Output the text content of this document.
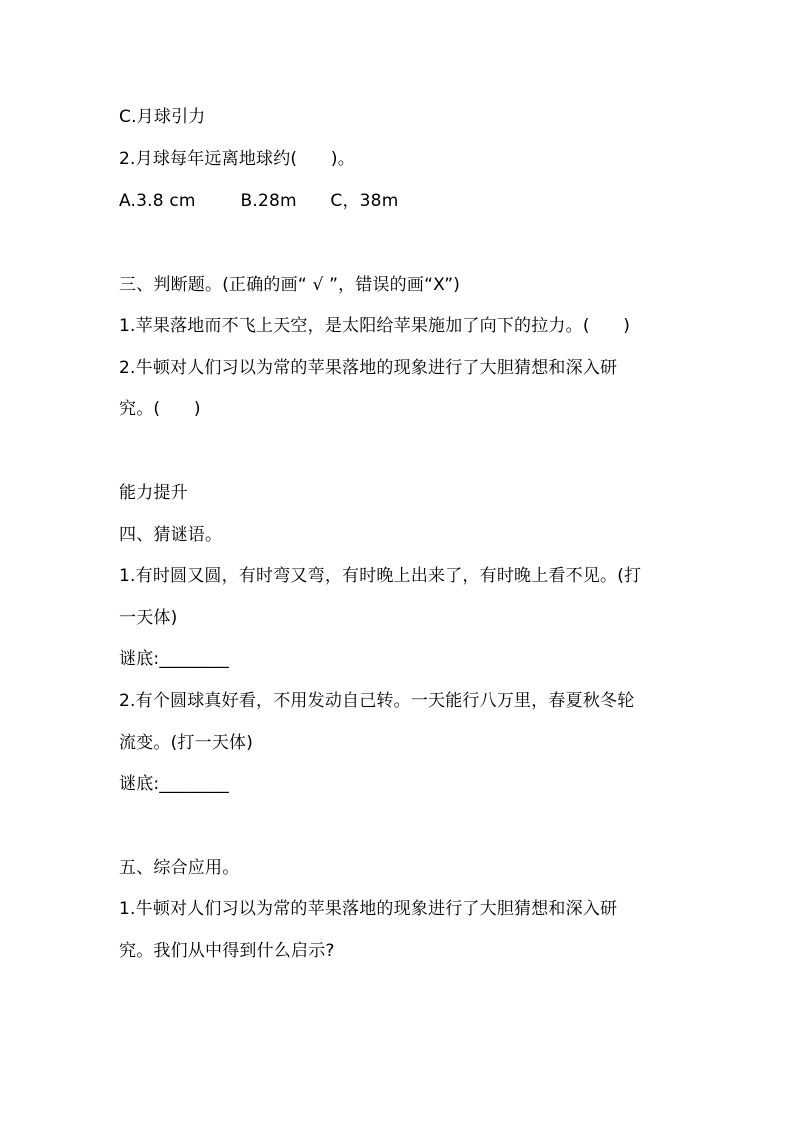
C.月球引力
2.月球每年远离地球约(      )。
A.3.8 cm        B.28m      C，38m
三、判断题。(正确的画“ √ ”，错误的画“X”)
1.苹果落地而不飞上天空，是太阳给苹果施加了向下的拉力。(      )
2.牛顿对人们习以为常的苹果落地的现象进行了大胆猜想和深入研
究。(      )
能力提升
四、猜谜语。
1.有时圆又圆，有时弯又弯，有时晚上出来了，有时晚上看不见。(打
一天体)
谜底:________
2.有个圆球真好看，不用发动自己转。一天能行八万里，春夏秋冬轮
流变。(打一天体)
谜底:________
五、综合应用。
1.牛顿对人们习以为常的苹果落地的现象进行了大胆猜想和深入研
究。我们从中得到什么启示?
